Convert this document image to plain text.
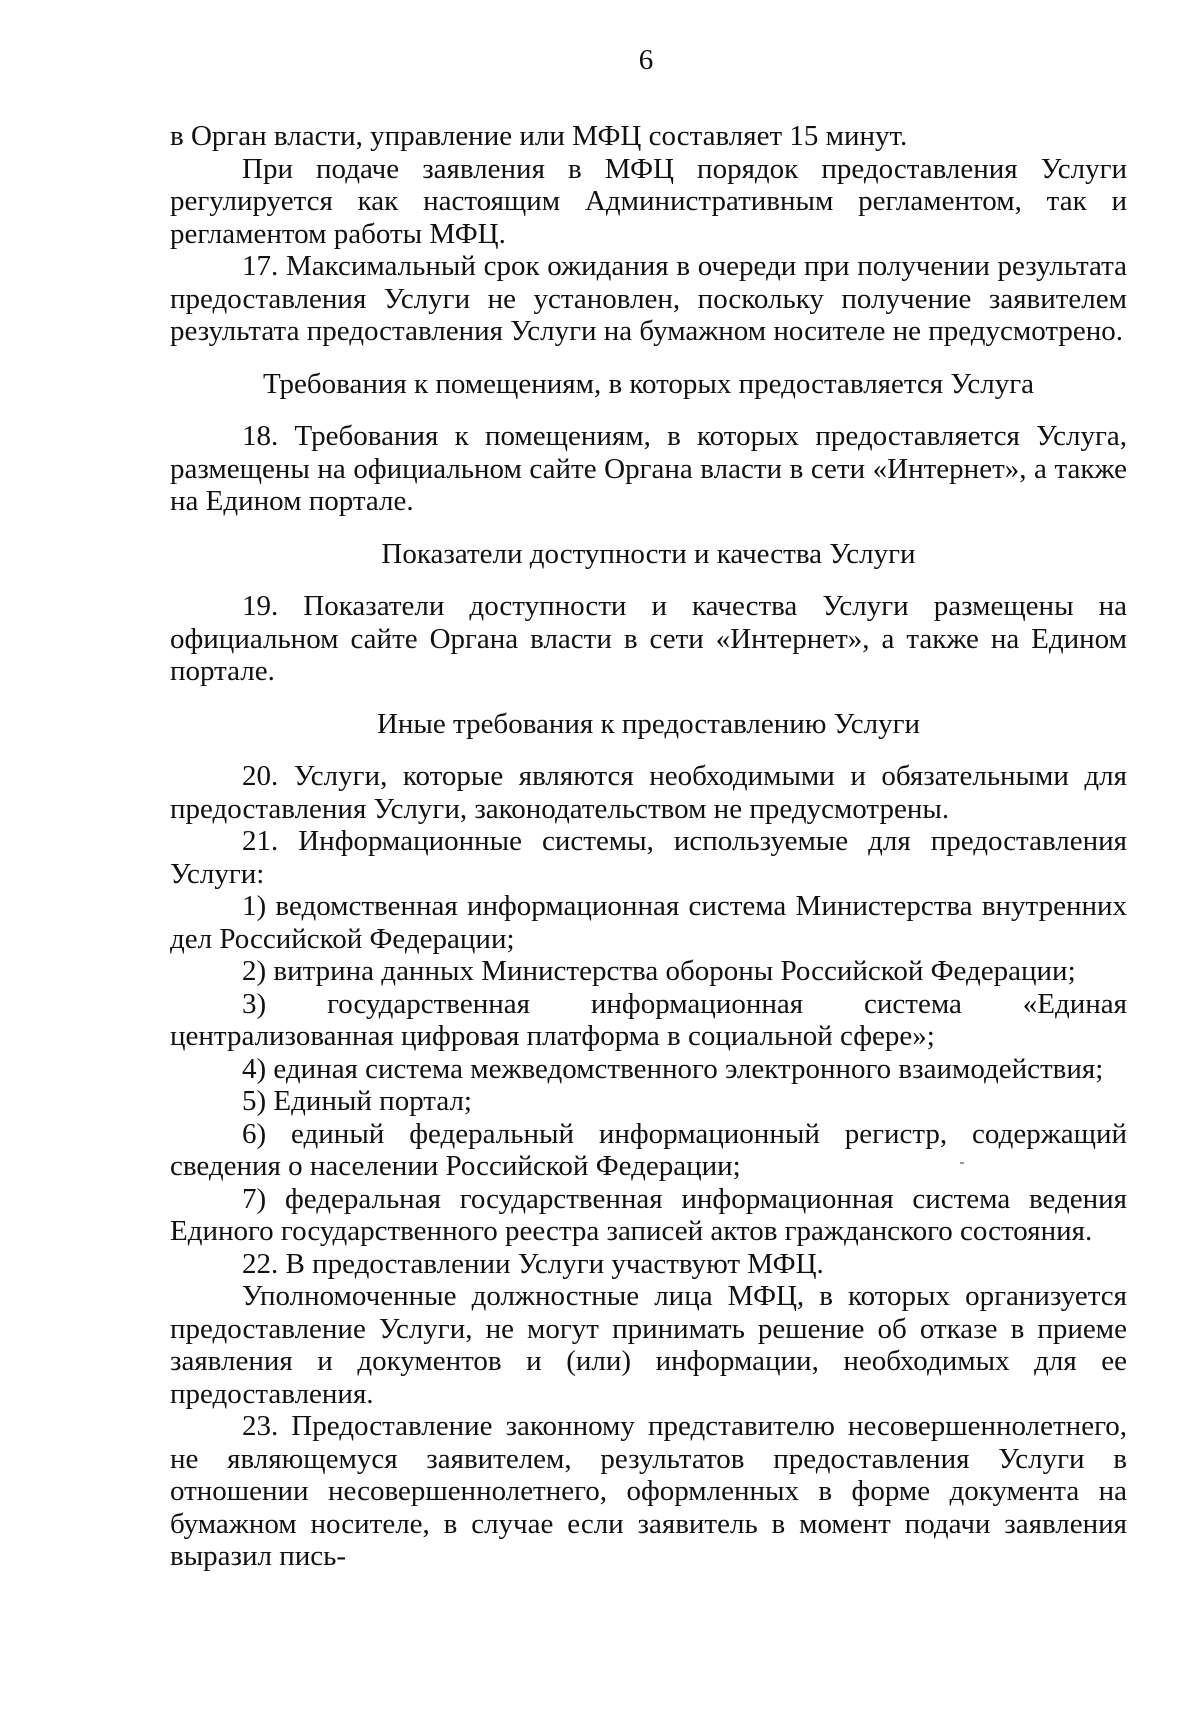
6

в Орган власти, управление или МФЦ составляет 15 минут.

При подаче заявления в МФЦ порядок предоставления Услуги регулируется как настоящим Административным регламентом, так и регламентом работы МФЦ.

17. Максимальный срок ожидания в очереди при получении результата предоставления Услуги не установлен, поскольку получение заявителем результата предоставления Услуги на бумажном носителе не предусмотрено.

Требования к помещениям, в которых предоставляется Услуга

18. Требования к помещениям, в которых предоставляется Услуга, размещены на официальном сайте Органа власти в сети «Интернет», а также на Едином портале.

Показатели доступности и качества Услуги

19. Показатели доступности и качества Услуги размещены на официальном сайте Органа власти в сети «Интернет», а также на Едином портале.

Иные требования к предоставлению Услуги

20. Услуги, которые являются необходимыми и обязательными для предоставления Услуги, законодательством не предусмотрены.

21. Информационные системы, используемые для предоставления Услуги:

1) ведомственная информационная система Министерства внутренних дел Российской Федерации;

2) витрина данных Министерства обороны Российской Федерации;

3) государственная информационная система «Единая централизованная цифровая платформа в социальной сфере»;

4) единая система межведомственного электронного взаимодействия;

5) Единый портал;

6) единый федеральный информационный регистр, содержащий сведения о населении Российской Федерации;

7) федеральная государственная информационная система ведения Единого государственного реестра записей актов гражданского состояния.

22. В предоставлении Услуги участвуют МФЦ.

Уполномоченные должностные лица МФЦ, в которых организуется предоставление Услуги, не могут принимать решение об отказе в приеме заявления и документов и (или) информации, необходимых для ее предоставления.

23. Предоставление законному представителю несовершеннолетнего, не являющемуся заявителем, результатов предоставления Услуги в отношении несовершеннолетнего, оформленных в форме документа на бумажном носителе, в случае если заявитель в момент подачи заявления выразил пись-
